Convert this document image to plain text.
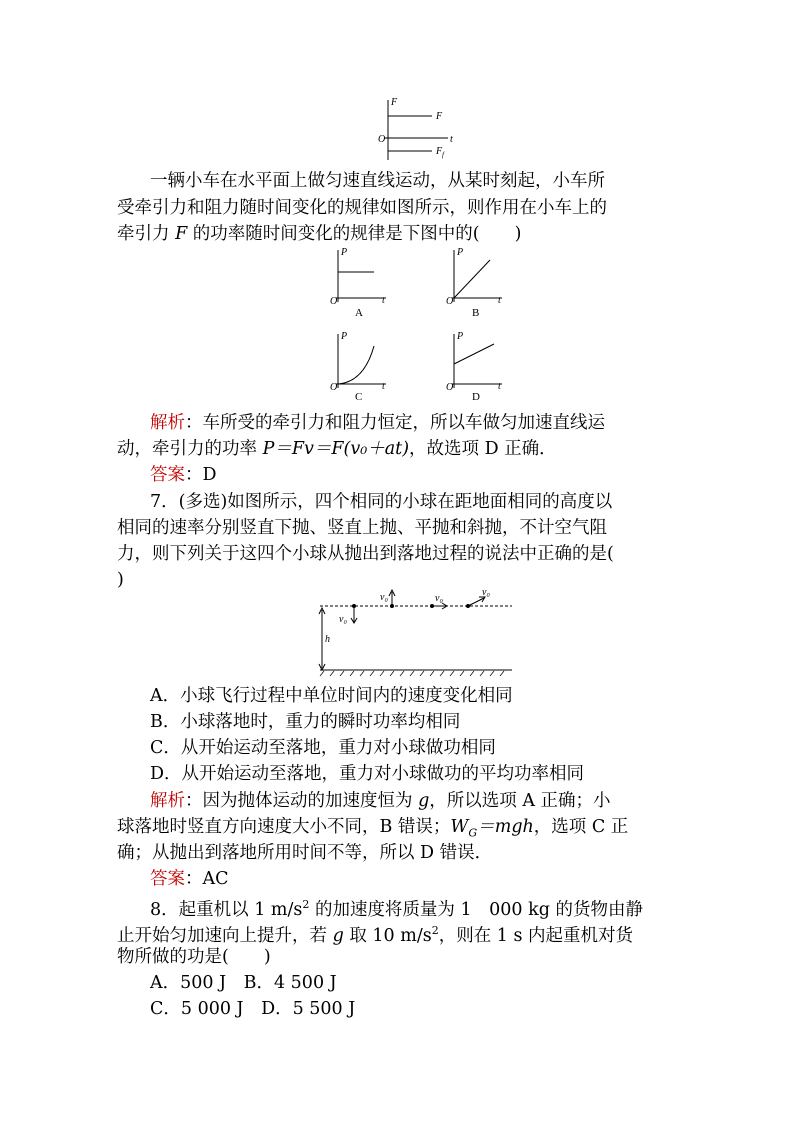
F
F
O	t
F f
一辆小车在水平面上做匀速直线运动，从某时刻起，小车所
受牵引力和阻力随时间变化的规律如图所示，则作用在小车上的
牵引力 F 的功率随时间变化的规律是下图中的(　　)
P
O	t
A
P
O	t
B
P
O	t
C
P
O	t
D
解析：车所受的牵引力和阻力恒定，所以车做匀加速直线运
动，牵引力的功率 P＝Fv＝F(v₀＋at)，故选项 D 正确．
答案：D
7．(多选)如图所示，四个相同的小球在距地面相同的高度以
相同的速率分别竖直下抛、竖直上抛、平抛和斜抛，不计空气阻
力，则下列关于这四个小球从抛出到落地过程的说法中正确的是(
)
v₀
v₀	v₀
v₀
h
A．小球飞行过程中单位时间内的速度变化相同
B．小球落地时，重力的瞬时功率均相同
C．从开始运动至落地，重力对小球做功相同
D．从开始运动至落地，重力对小球做功的平均功率相同
解析：因为抛体运动的加速度恒为 g，所以选项 A 正确；小
球落地时竖直方向速度大小不同，B 错误；$W_G=mgh$，选项 C 正
确；从抛出到落地所用时间不等，所以 D 错误．
答案：AC
8．起重机以 1 $m/s^2$ 的加速度将质量为 1　000 kg 的货物由静
止开始匀加速向上提升，若 g 取 10 $m/s^2$，则在 1 s 内起重机对货
物所做的功是(　　)
A．500 J　B．4 500 J
C．5 000 J　D．5 500 J
